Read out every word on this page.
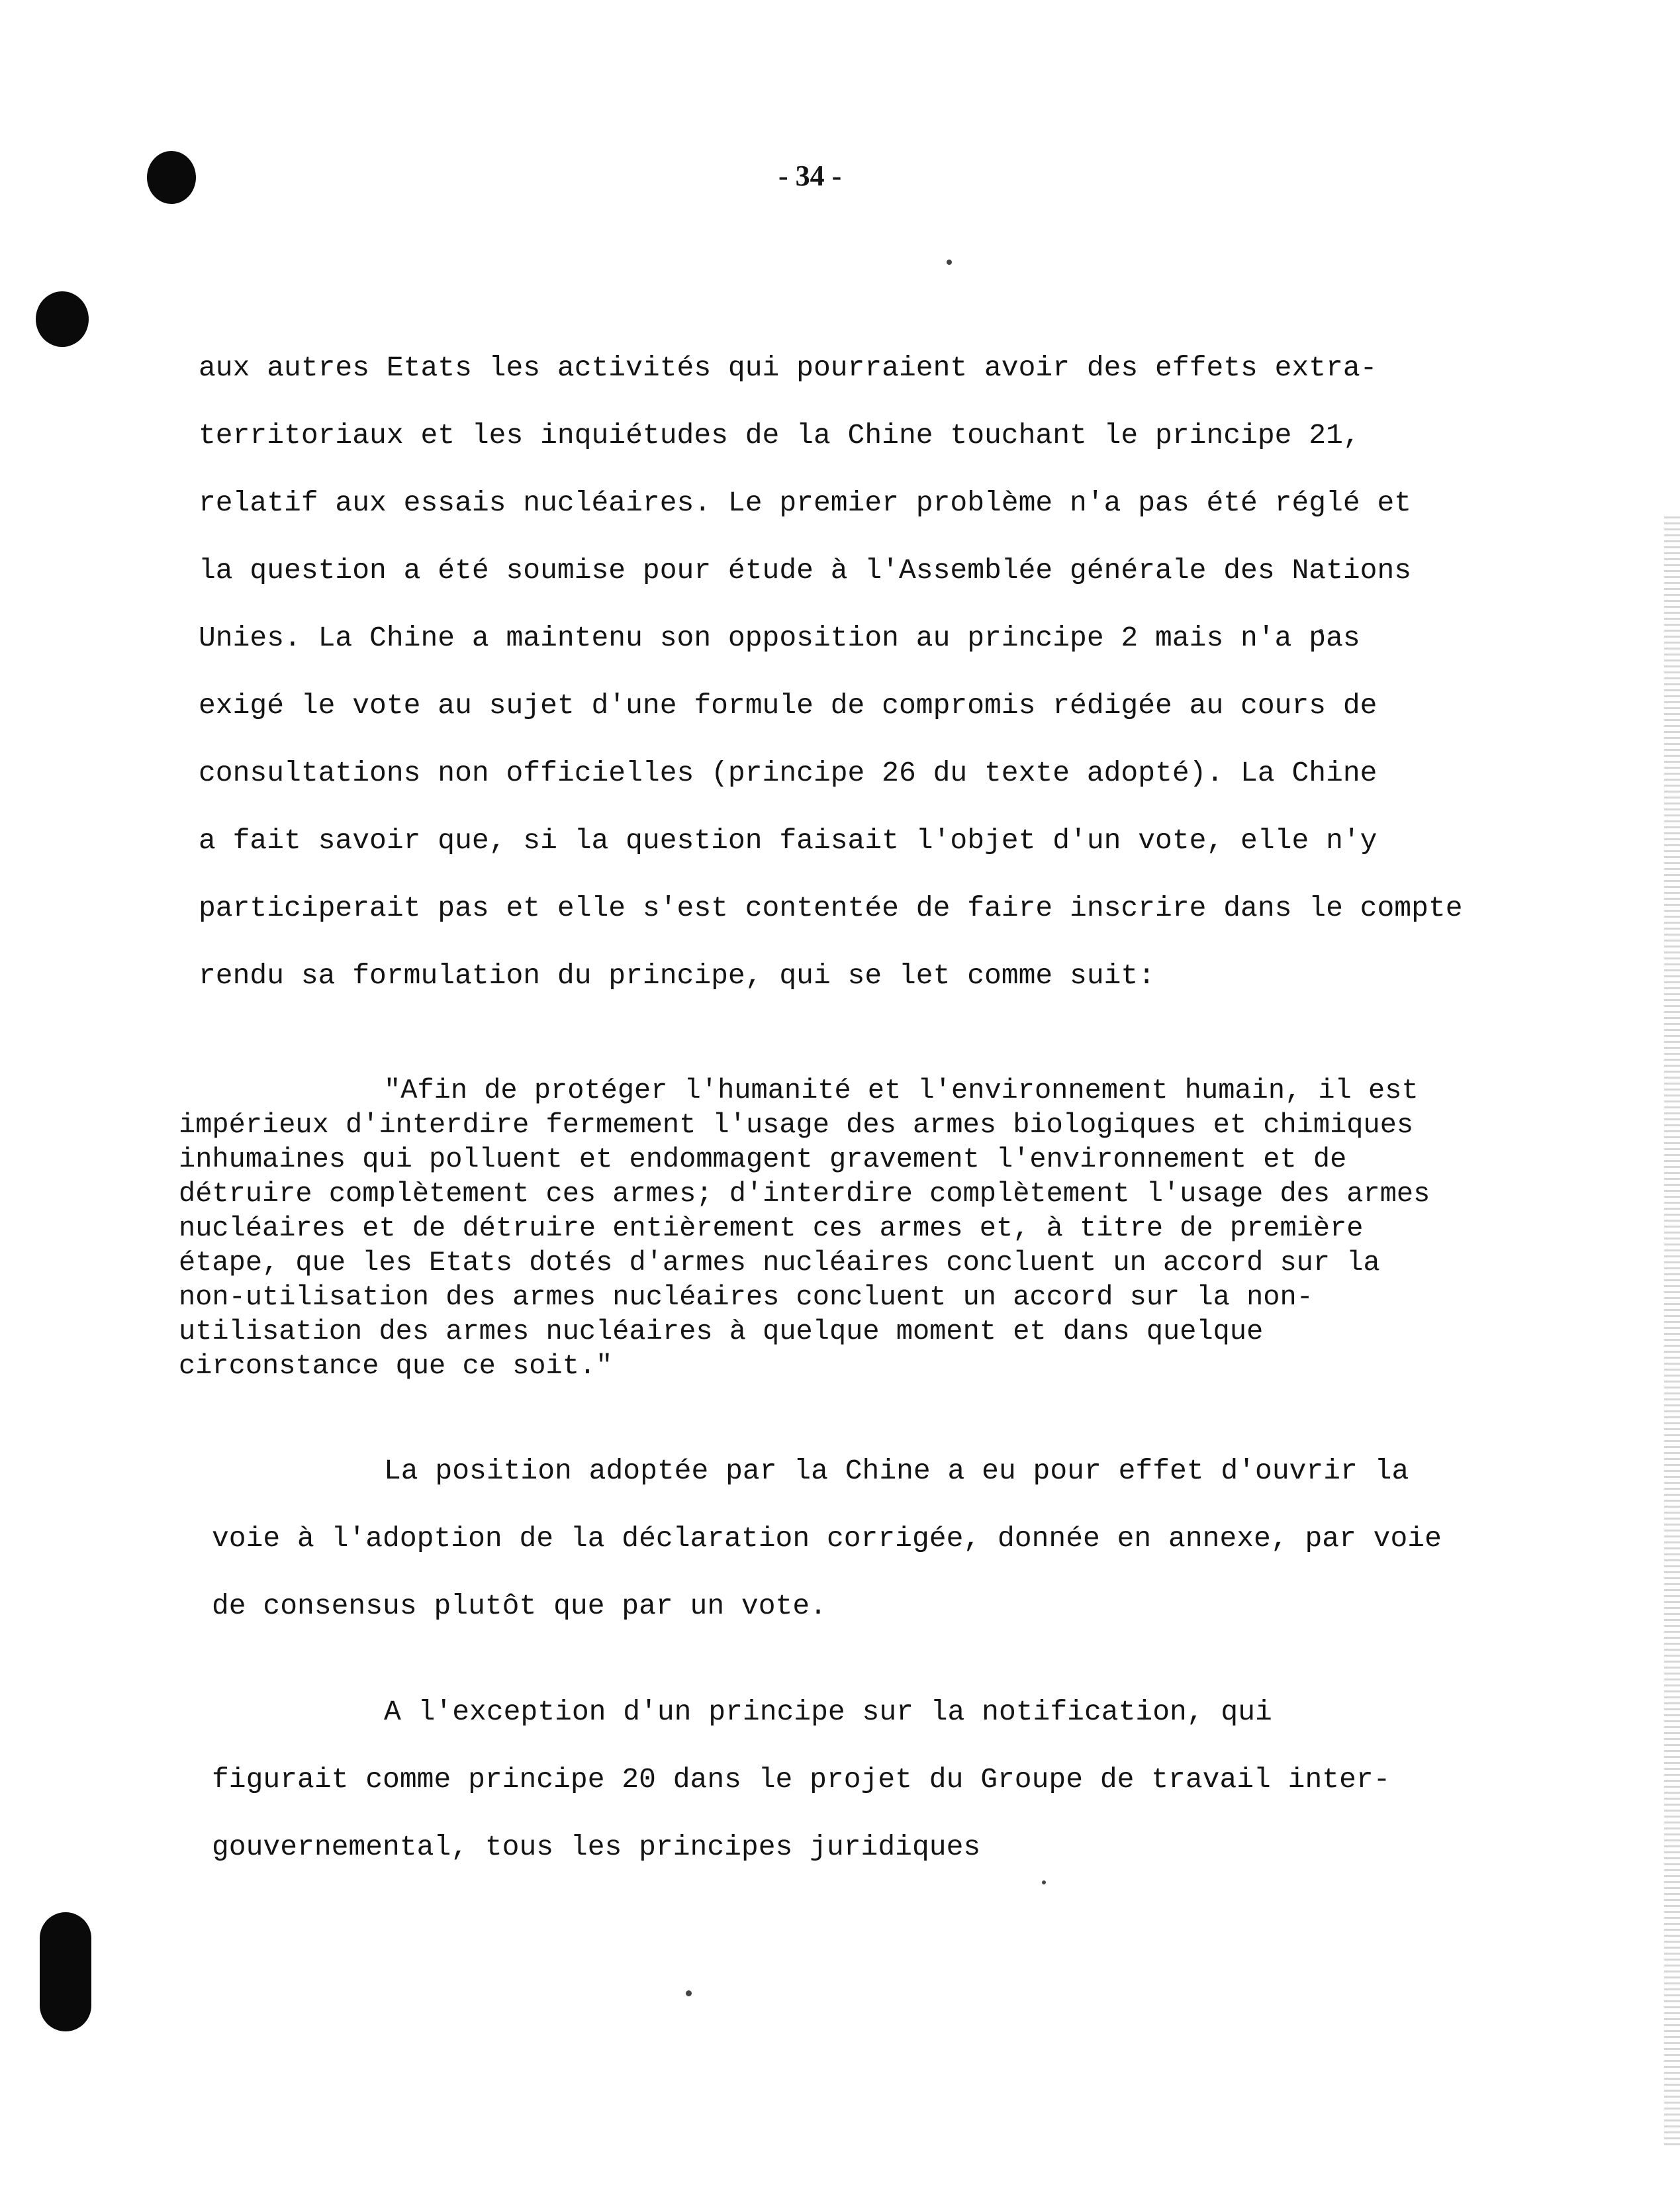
- 34 -
aux autres Etats les activités qui pourraient avoir des effets extra-
territoriaux et les inquiétudes de la Chine touchant le principe 21,
relatif aux essais nucléaires. Le premier problème n'a pas été réglé et
la question a été soumise pour étude à l'Assemblée générale des Nations
Unies. La Chine a maintenu son opposition au principe 2 mais n'a pas
exigé le vote au sujet d'une formule de compromis rédigée au cours de
consultations non officielles (principe 26 du texte adopté). La Chine
a fait savoir que, si la question faisait l'objet d'un vote, elle n'y
participerait pas et elle s'est contentée de faire inscrire dans le compte
rendu sa formulation du principe, qui se let comme suit:
"Afin de protéger l'humanité et l'environnement humain, il est
impérieux d'interdire fermement l'usage des armes biologiques et chimiques
inhumaines qui polluent et endommagent gravement l'environnement et de
détruire complètement ces armes; d'interdire complètement l'usage des armes
nucléaires et de détruire entièrement ces armes et, à titre de première
étape, que les Etats dotés d'armes nucléaires concluent un accord sur la
non-utilisation des armes nucléaires concluent un accord sur la non-
utilisation des armes nucléaires à quelque moment et dans quelque
circonstance que ce soit."
La position adoptée par la Chine a eu pour effet d'ouvrir la
voie à l'adoption de la déclaration corrigée, donnée en annexe, par voie
de consensus plutôt que par un vote.
A l'exception d'un principe sur la notification, qui
figurait comme principe 20 dans le projet du Groupe de travail inter-
gouvernemental, tous les principes juridiques
